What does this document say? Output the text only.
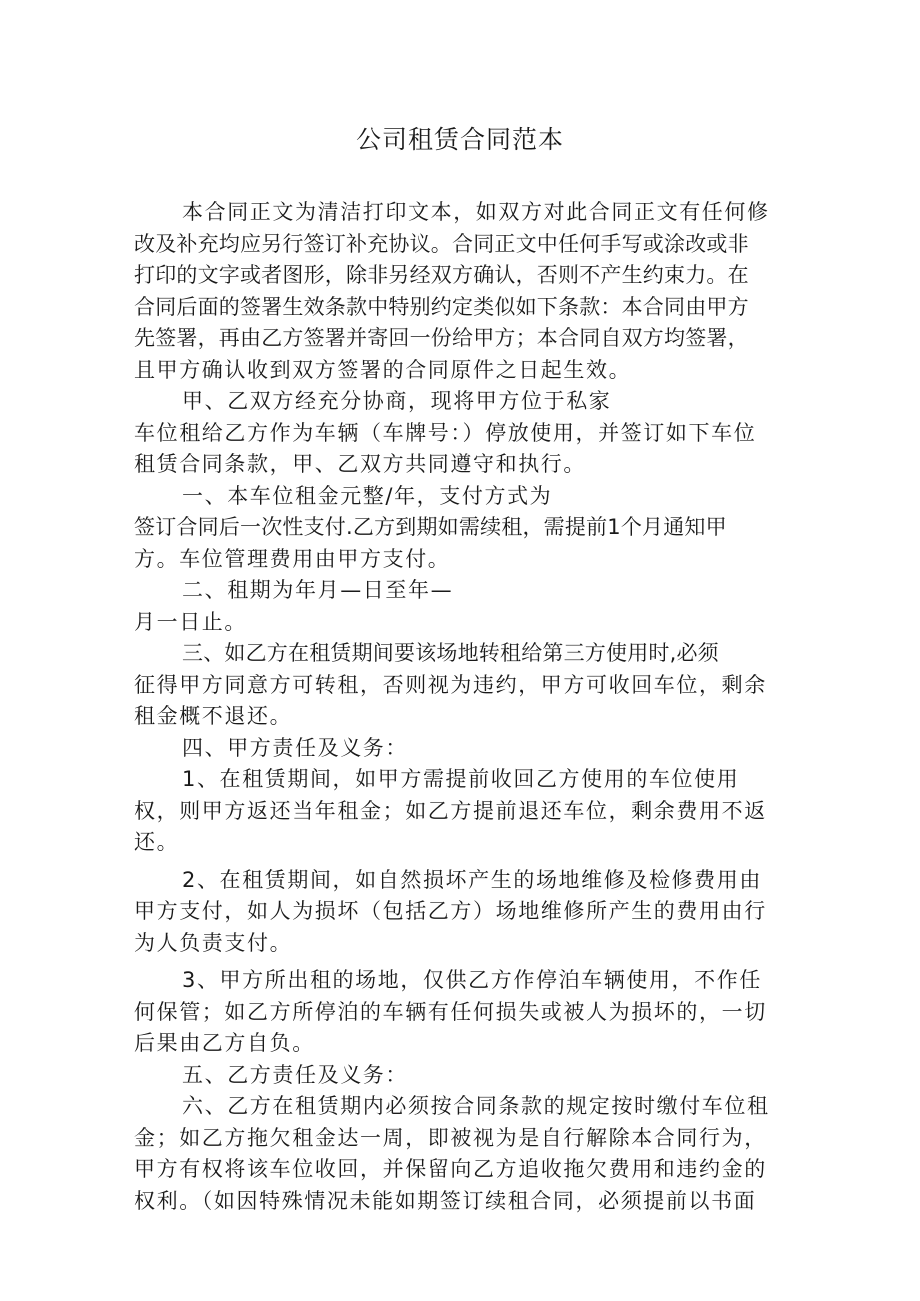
公司租赁合同范本
本合同正文为清洁打印文本，如双方对此合同正文有任何修
改及补充均应另行签订补充协议。合同正文中任何手写或涂改或非
打印的文字或者图形，除非另经双方确认，否则不产生约束力。在
合同后面的签署生效条款中特别约定类似如下条款：本合同由甲方
先签署，再由乙方签署并寄回一份给甲方；本合同自双方均签署，
且甲方确认收到双方签署的合同原件之日起生效。
甲、乙双方经充分协商，现将甲方位于私家
车位租给乙方作为车辆（车牌号：）停放使用，并签订如下车位
租赁合同条款，甲、乙双方共同遵守和执行。
一、本车位租金元整/年，支付方式为
签订合同后一次性支付.乙方到期如需续租，需提前1个月通知甲
方。车位管理费用由甲方支付。
二、租期为年月—日至年—
月一日止。
三、如乙方在租赁期间要该场地转租给第三方使用时,必须
征得甲方同意方可转租，否则视为违约，甲方可收回车位，剩余
租金概不退还。
四、甲方责任及义务：
1、在租赁期间，如甲方需提前收回乙方使用的车位使用
权，则甲方返还当年租金；如乙方提前退还车位，剩余费用不返
还。
2、在租赁期间，如自然损坏产生的场地维修及检修费用由
甲方支付，如人为损坏（包括乙方）场地维修所产生的费用由行
为人负责支付。
3、甲方所出租的场地，仅供乙方作停泊车辆使用，不作任
何保管；如乙方所停泊的车辆有任何损失或被人为损坏的，一切
后果由乙方自负。
五、乙方责任及义务：
六、乙方在租赁期内必须按合同条款的规定按时缴付车位租
金；如乙方拖欠租金达一周，即被视为是自行解除本合同行为，
甲方有权将该车位收回，并保留向乙方追收拖欠费用和违约金的
权利。（如因特殊情况未能如期签订续租合同，必须提前以书面
